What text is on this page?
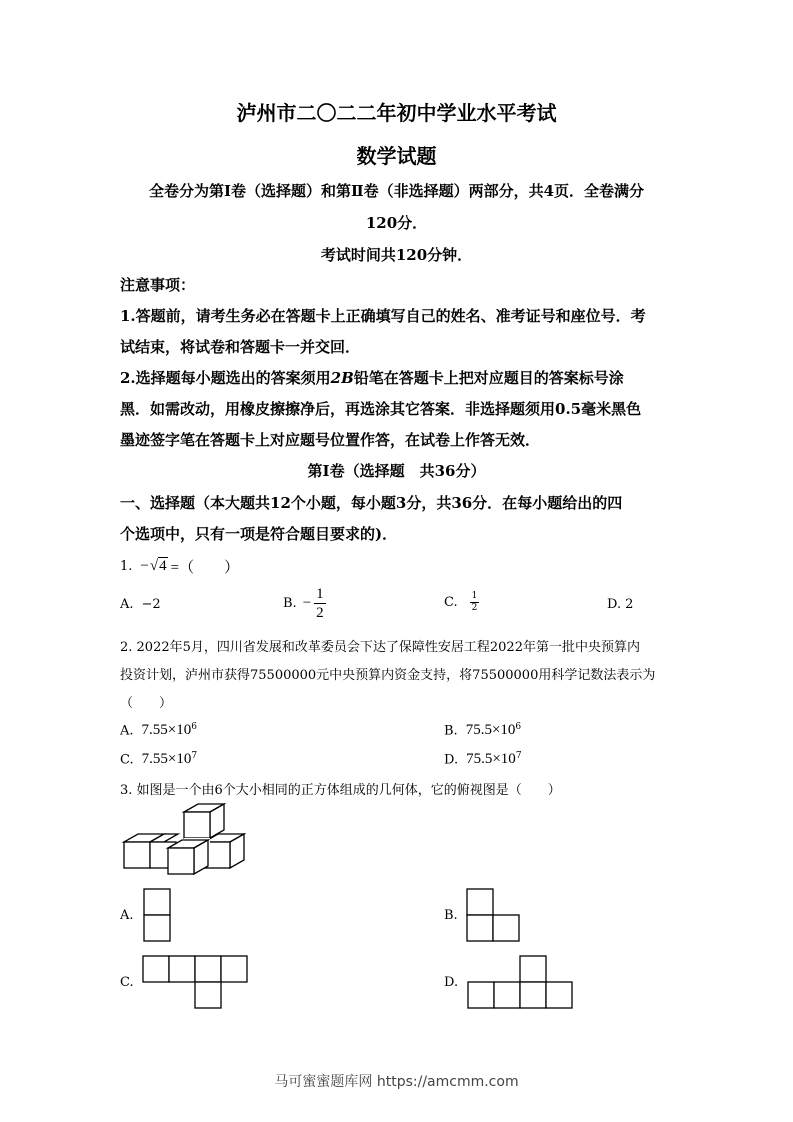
泸州市二〇二二年初中学业水平考试
数学试题
全卷分为第Ⅰ卷（选择题）和第Ⅱ卷（非选择题）两部分，共4页．全卷满分
120分．
考试时间共120分钟．
注意事项：
1.答题前，请考生务必在答题卡上正确填写自己的姓名、准考证号和座位号．考
试结束，将试卷和答题卡一并交回．
2.选择题每小题选出的答案须用2B铅笔在答题卡上把对应题目的答案标号涂
黑．如需改动，用橡皮擦擦净后，再选涂其它答案．非选择题须用0.5毫米黑色
墨迹签字笔在答题卡上对应题号位置作答，在试卷上作答无效．
第Ⅰ卷（选择题　共36分）
一、选择题（本大题共12个小题，每小题3分，共36分．在每小题给出的四
个选项中，只有一项是符合题目要求的)．
1. − √ 4 =（　　）
A. −2	B. − $\frac{1}{2}$	C. $\frac{1}{2}$	D. 2
2. 2022年5月，四川省发展和改革委员会下达了保障性安居工程2022年第一批中央预算内
投资计划，泸州市获得75500000元中央预算内资金支持，将75500000用科学记数法表示为
（　　）
A. $7.55\times 10^6$	B. $75.5\times 10^6$
C. $7.55\times 10^7$	D. $75.5\times 10^7$
3. 如图是一个由6个大小相同的正方体组成的几何体，它的俯视图是（　　）
A.	B.
C.	D.
马可蜜蜜题库网 https://amcmm.com
